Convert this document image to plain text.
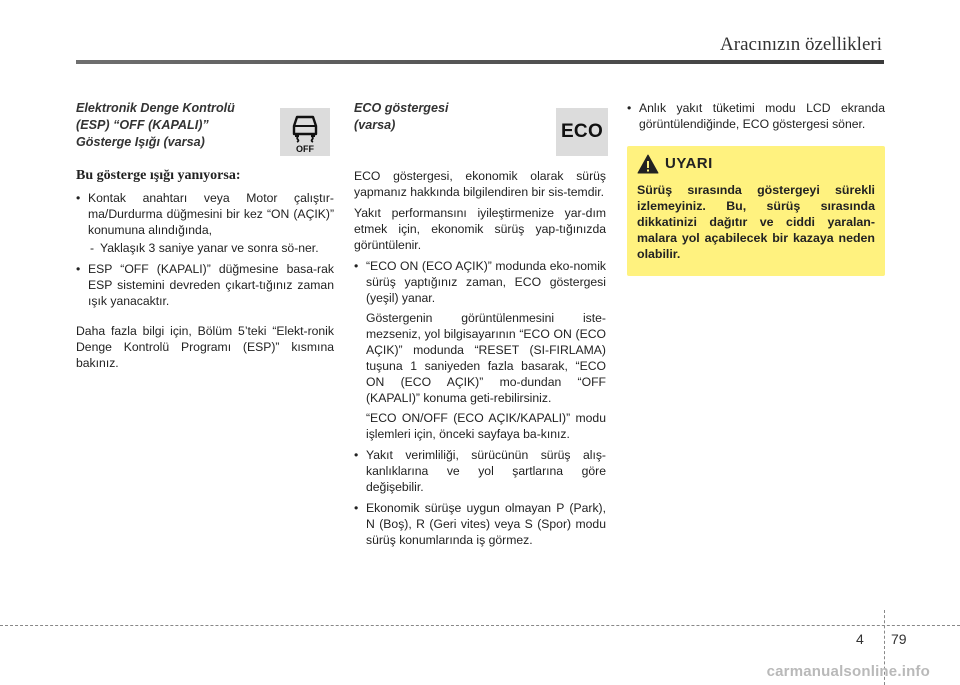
Aracınızın özellikleri

Elektronik Denge Kontrolü
(ESP) “OFF (KAPALI)”
Gösterge Işığı (varsa)	OFF
Bu gösterge ışığı yanıyorsa:
• Kontak anahtarı veya Motor çalıştır-ma/Durdurma düğmesini bir kez “ON (AÇIK)” konumuna alındığında,
- Yaklaşık 3 saniye yanar ve sonra sö-ner.
• ESP “OFF (KAPALI)” düğmesine basa-rak ESP sistemini devreden çıkart-tığınız zaman ışık yanacaktır.

Daha fazla bilgi için, Bölüm 5’teki “Elekt-ronik Denge Kontrolü Programı (ESP)” kısmına bakınız.

ECO göstergesi
(varsa)	ECO

ECO göstergesi, ekonomik olarak sürüş yapmanız hakkında bilgilendiren bir sis-temdir.

Yakıt performansını iyileştirmenize yar-dım etmek için, ekonomik sürüş yap-tığınızda görüntülenir.

• “ECO ON (ECO AÇIK)” modunda eko-nomik sürüş yaptığınız zaman, ECO göstergesi (yeşil) yanar.
Göstergenin görüntülenmesini iste-mezseniz, yol bilgisayarının “ECO ON (ECO AÇIK)” modunda “RESET (SI-FIRLAMA) tuşuna 1 saniyeden fazla basarak, “ECO ON (ECO AÇIK)” mo-dundan “OFF (KAPALI)” konuma geti-rebilirsiniz.
“ECO ON/OFF (ECO AÇIK/KAPALI)” modu işlemleri için, önceki sayfaya ba-kınız.
• Yakıt verimliliği, sürücünün sürüş alış-kanlıklarına ve yol şartlarına göre değişebilir.
• Ekonomik sürüşe uygun olmayan P (Park), N (Boş), R (Geri vites) veya S (Spor) modu sürüş konumlarında iş görmez.
• Anlık yakıt tüketimi modu LCD ekranda görüntülendiğinde, ECO göstergesi söner.
UYARI
Sürüş sırasında göstergeyi sürekli izlemeyiniz. Bu, sürüş sırasında dikkatinizi dağıtır ve ciddi yaralan-malara yol açabilecek bir kazaya neden olabilir.
4 79
carmanualsonline.info
